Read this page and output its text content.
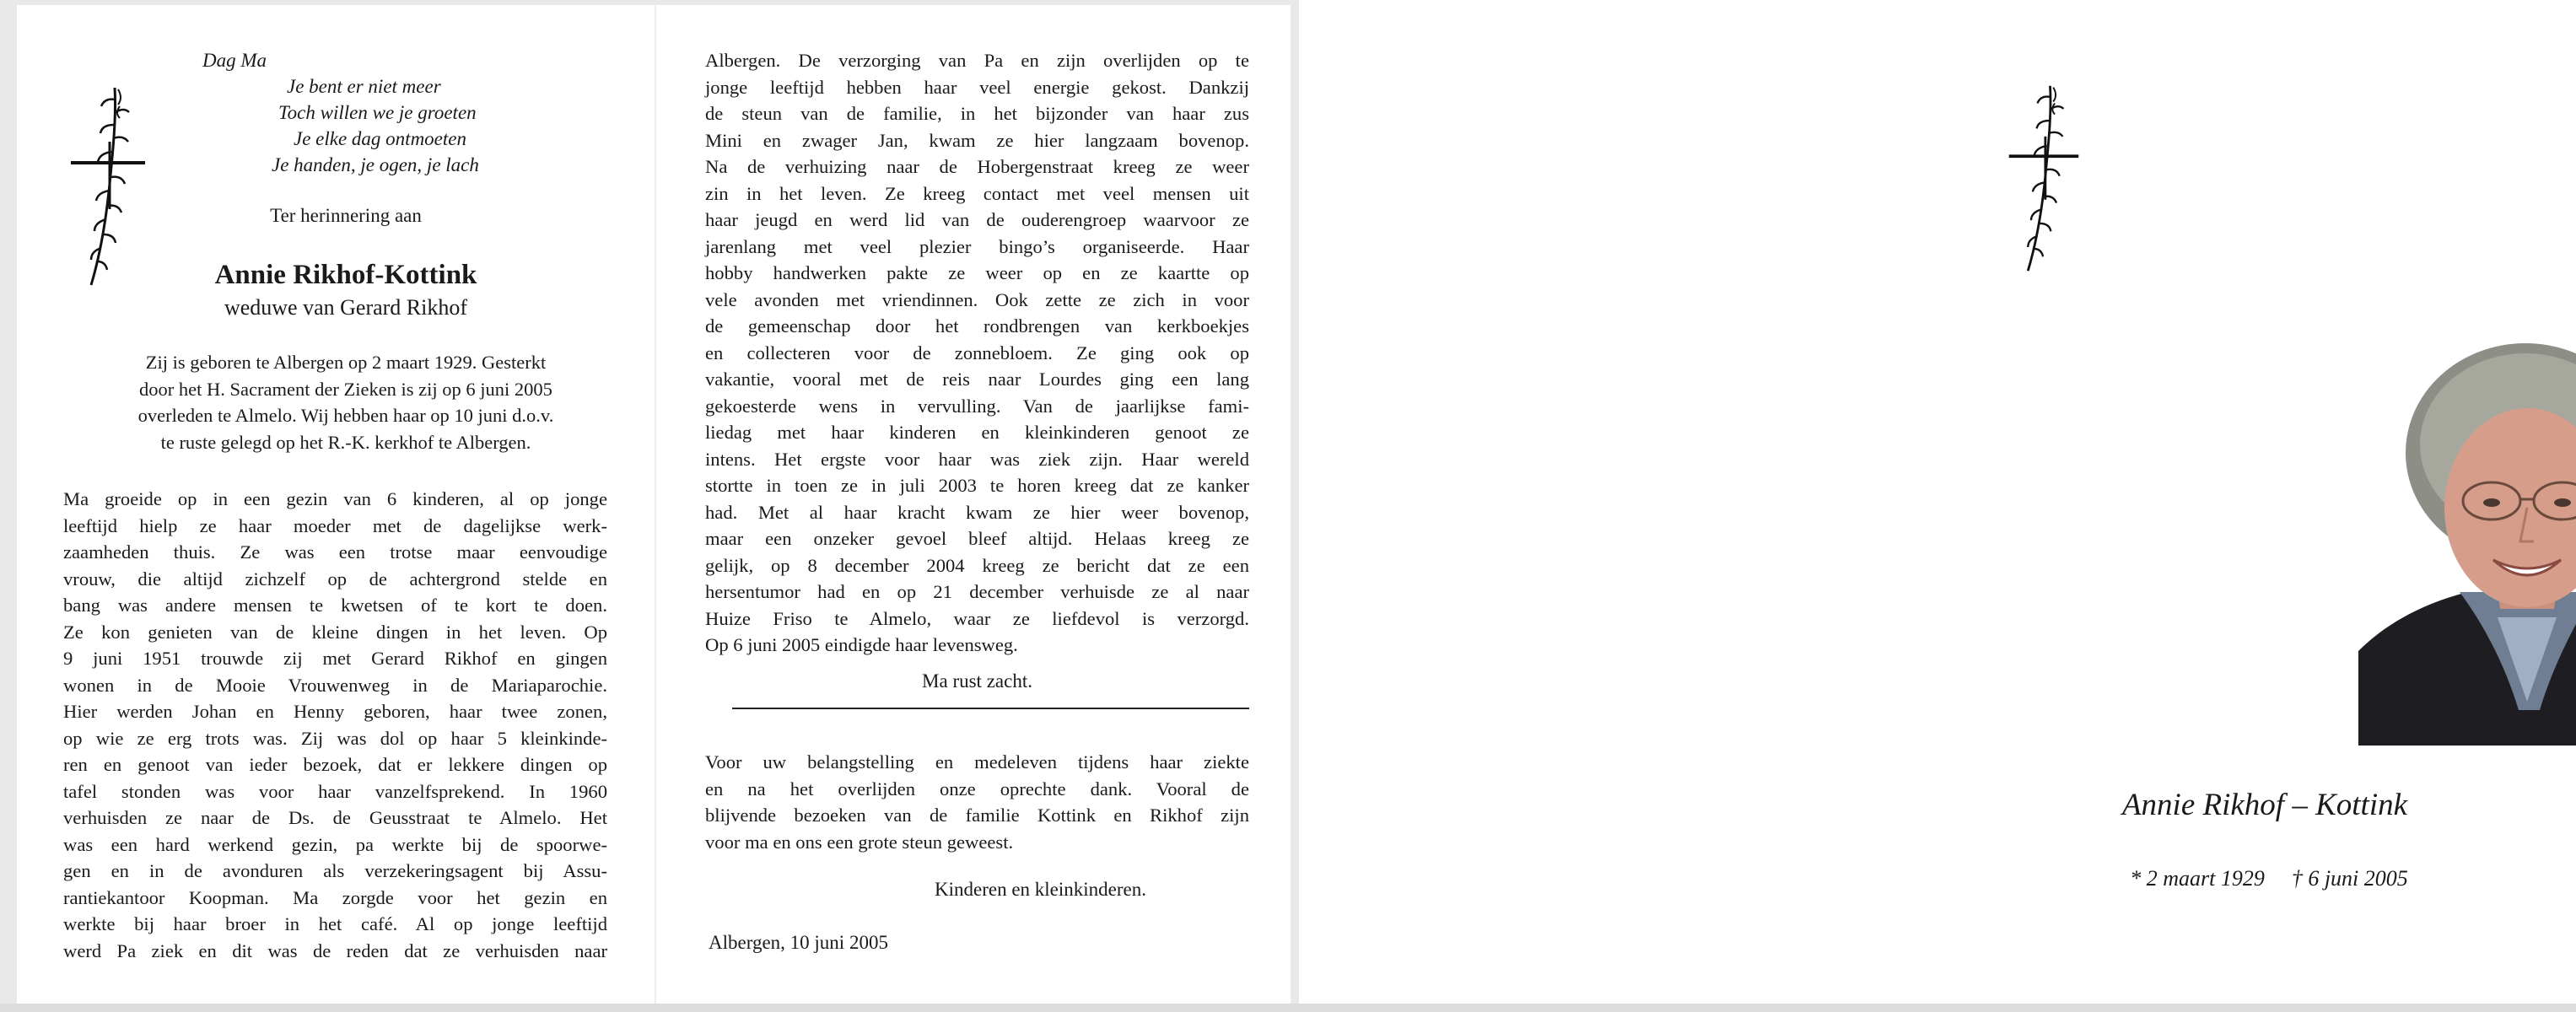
Dag Ma
Je bent er niet meer
Toch willen we je groeten
Je elke dag ontmoeten
Je handen, je ogen, je lach
Ter herinnering aan
Annie Rikhof-Kottink
weduwe van Gerard Rikhof
Zij is geboren te Albergen op 2 maart 1929. Gesterkt
door het H. Sacrament der Zieken is zij op 6 juni 2005
overleden te Almelo. Wij hebben haar op 10 juni d.o.v.
te ruste gelegd op het R.-K. kerkhof te Albergen.
Ma groeide op in een gezin van 6 kinderen, al op jonge
leeftijd hielp ze haar moeder met de dagelijkse werk-
zaamheden thuis. Ze was een trotse maar eenvoudige
vrouw, die altijd zichzelf op de achtergrond stelde en
bang was andere mensen te kwetsen of te kort te doen.
Ze kon genieten van de kleine dingen in het leven. Op
9 juni 1951 trouwde zij met Gerard Rikhof en gingen
wonen in de Mooie Vrouwenweg in de Mariaparochie.
Hier werden Johan en Henny geboren, haar twee zonen,
op wie ze erg trots was. Zij was dol op haar 5 kleinkinde-
ren en genoot van ieder bezoek, dat er lekkere dingen op
tafel stonden was voor haar vanzelfsprekend. In 1960
verhuisden ze naar de Ds. de Geusstraat te Almelo. Het
was een hard werkend gezin, pa werkte bij de spoorwe-
gen en in de avonduren als verzekeringsagent bij Assu-
rantiekantoor Koopman. Ma zorgde voor het gezin en
werkte bij haar broer in het café. Al op jonge leeftijd
werd Pa ziek en dit was de reden dat ze verhuisden naar
Albergen. De verzorging van Pa en zijn overlijden op te
jonge leeftijd hebben haar veel energie gekost. Dankzij
de steun van de familie, in het bijzonder van haar zus
Mini en zwager Jan, kwam ze hier langzaam bovenop.
Na de verhuizing naar de Hobergenstraat kreeg ze weer
zin in het leven. Ze kreeg contact met veel mensen uit
haar jeugd en werd lid van de ouderengroep waarvoor ze
jarenlang met veel plezier bingo’s organiseerde. Haar
hobby handwerken pakte ze weer op en ze kaartte op
vele avonden met vriendinnen. Ook zette ze zich in voor
de gemeenschap door het rondbrengen van kerkboekjes
en collecteren voor de zonnebloem. Ze ging ook op
vakantie, vooral met de reis naar Lourdes ging een lang
gekoesterde wens in vervulling. Van de jaarlijkse fami-
liedag met haar kinderen en kleinkinderen genoot ze
intens. Het ergste voor haar was ziek zijn. Haar wereld
stortte in toen ze in juli 2003 te horen kreeg dat ze kanker
had. Met al haar kracht kwam ze hier weer bovenop,
maar een onzeker gevoel bleef altijd. Helaas kreeg ze
gelijk, op 8 december 2004 kreeg ze bericht dat ze een
hersentumor had en op 21 december verhuisde ze al naar
Huize Friso te Almelo, waar ze liefdevol is verzorgd.
Op 6 juni 2005 eindigde haar levensweg.
Ma rust zacht.
Voor uw belangstelling en medeleven tijdens haar ziekte
en na het overlijden onze oprechte dank. Vooral de
blijvende bezoeken van de familie Kottink en Rikhof zijn
voor ma en ons een grote steun geweest.
Kinderen en kleinkinderen.
Albergen, 10 juni 2005
Annie Rikhof – Kottink
* 2 maart 1929 † 6 juni 2005
